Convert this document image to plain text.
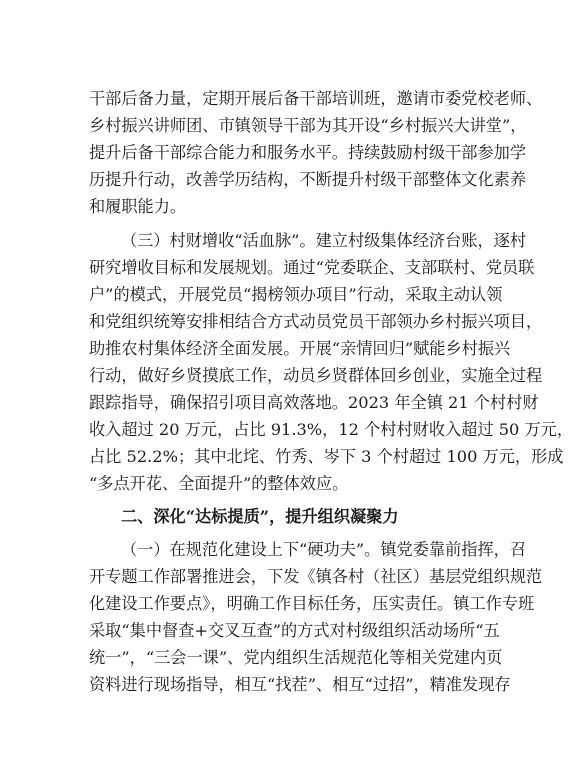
干部后备力量，定期开展后备干部培训班，邀请市委党校老师、
乡村振兴讲师团、市镇领导干部为其开设“乡村振兴大讲堂”，
提升后备干部综合能力和服务水平。持续鼓励村级干部参加学
历提升行动，改善学历结构，不断提升村级干部整体文化素养
和履职能力。
（三）村财增收“活血脉”。建立村级集体经济台账，逐村
研究增收目标和发展规划。通过“党委联企、支部联村、党员联
户”的模式，开展党员“揭榜领办项目”行动，采取主动认领
和党组织统筹安排相结合方式动员党员干部领办乡村振兴项目，
助推农村集体经济全面发展。开展“亲情回归”赋能乡村振兴
行动，做好乡贤摸底工作，动员乡贤群体回乡创业，实施全过程
跟踪指导，确保招引项目高效落地。2023 年全镇 21 个村村财
收入超过 20 万元，占比 91.3%，12 个村村财收入超过 50 万元，
占比 52.2%；其中北垞、竹秀、岑下 3 个村超过 100 万元，形成
“多点开花、全面提升”的整体效应。
二、深化“达标提质”，提升组织凝聚力
（一）在规范化建设上下“硬功夫”。镇党委靠前指挥，召
开专题工作部署推进会，下发《镇各村（社区）基层党组织规范
化建设工作要点》，明确工作目标任务，压实责任。镇工作专班
采取“集中督查+交叉互查”的方式对村级组织活动场所“五
统一”，“三会一课”、党内组织生活规范化等相关党建内页
资料进行现场指导，相互“找茬”、相互“过招”，精准发现存
